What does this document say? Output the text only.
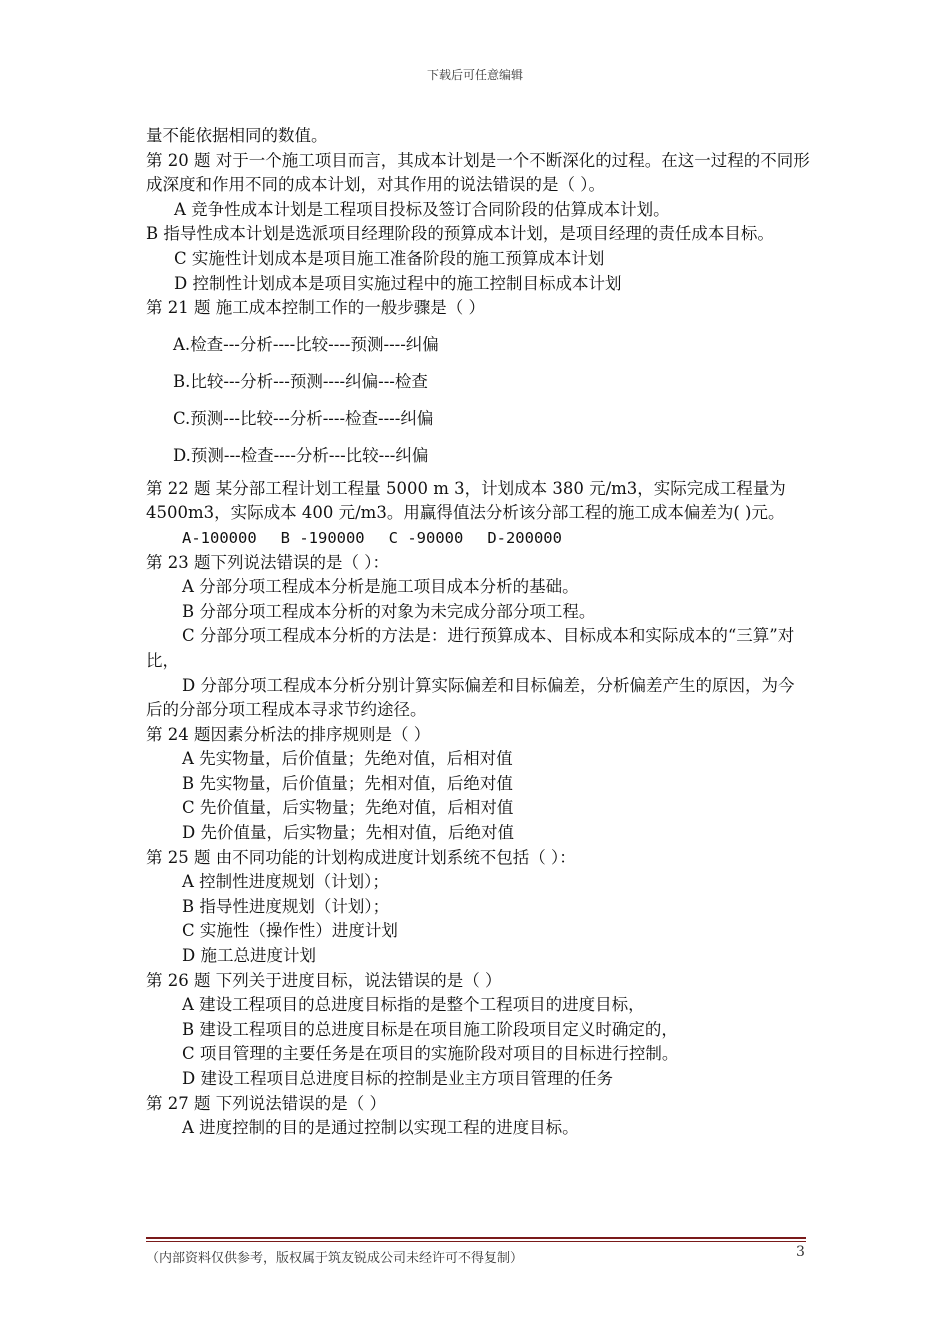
下载后可任意编辑

量不能依据相同的数值。

第 20 题 对于一个施工项目而言，其成本计划是一个不断深化的过程。在这一过程的不同形成深度和作用不同的成本计划，对其作用的说法错误的是（ ）。

A 竞争性成本计划是工程项目投标及签订合同阶段的估算成本计划。

B 指导性成本计划是选派项目经理阶段的预算成本计划，是项目经理的责任成本目标。

C 实施性计划成本是项目施工准备阶段的施工预算成本计划

D 控制性计划成本是项目实施过程中的施工控制目标成本计划

第 21 题 施工成本控制工作的一般步骤是（ ）

A.检查---分析----比较----预测----纠偏

B.比较---分析---预测----纠偏---检查

C.预测---比较---分析----检查----纠偏

D.预测---检查----分析---比较---纠偏

第 22 题 某分部工程计划工程量 5000 m 3，计划成本 380 元/m3，实际完成工程量为 4500m3，实际成本 400 元/m3。用赢得值法分析该分部工程的施工成本偏差为( )元。

A-100000 B -190000 C -90000 D-200000

第 23 题下列说法错误的是（ ）：

A 分部分项工程成本分析是施工项目成本分析的基础。

B 分部分项工程成本分析的对象为未完成分部分项工程。

C 分部分项工程成本分析的方法是：进行预算成本、目标成本和实际成本的“三算”对比，

D 分部分项工程成本分析分别计算实际偏差和目标偏差，分析偏差产生的原因，为今后的分部分项工程成本寻求节约途径。

第 24 题因素分析法的排序规则是（ ）

A 先实物量，后价值量；先绝对值，后相对值

B 先实物量，后价值量；先相对值，后绝对值

C 先价值量，后实物量；先绝对值，后相对值

D 先价值量，后实物量；先相对值，后绝对值

第 25 题 由不同功能的计划构成进度计划系统不包括（ ）：

A 控制性进度规划（计划）；

B 指导性进度规划（计划）；

C 实施性（操作性）进度计划

D 施工总进度计划

第 26 题 下列关于进度目标，说法错误的是（ ）

A 建设工程项目的总进度目标指的是整个工程项目的进度目标，

B 建设工程项目的总进度目标是在项目施工阶段项目定义时确定的，

C 项目管理的主要任务是在项目的实施阶段对项目的目标进行控制。

D 建设工程项目总进度目标的控制是业主方项目管理的任务

第 27 题 下列说法错误的是（ ）

A 进度控制的目的是通过控制以实现工程的进度目标。

（内部资料仅供参考，版权属于筑友锐成公司未经许可不得复制）	3
